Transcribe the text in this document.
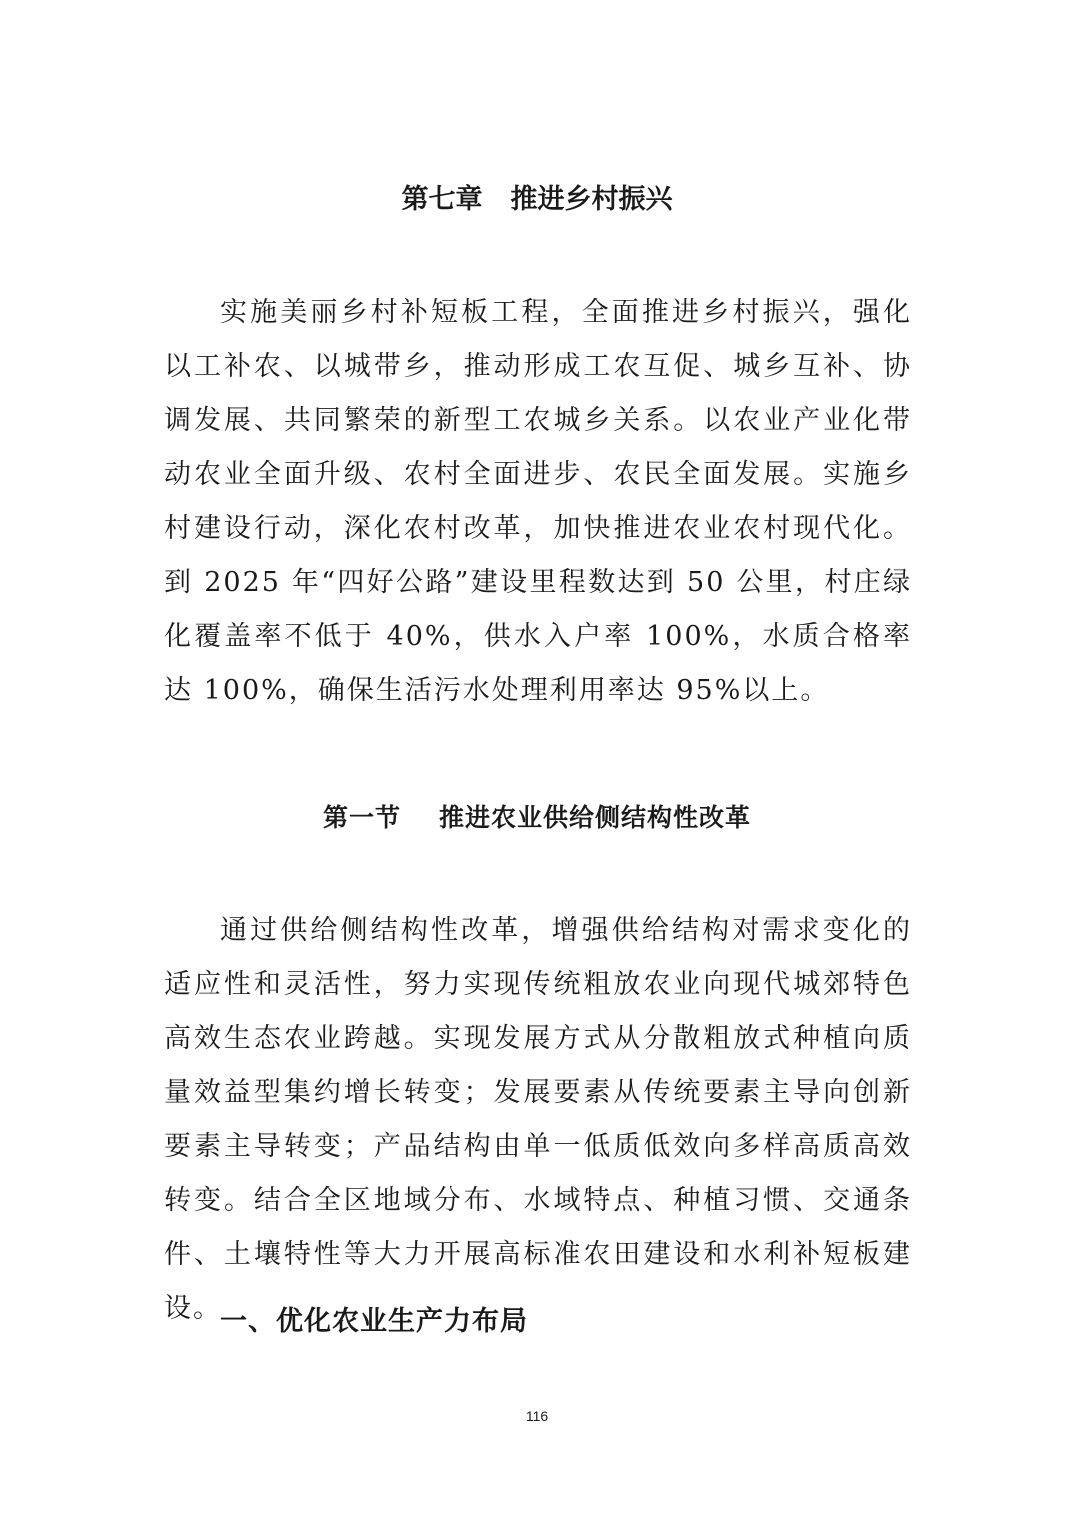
第七章 推进乡村振兴

实施美丽乡村补短板工程，全面推进乡村振兴，强化以工补农、以城带乡，推动形成工农互促、城乡互补、协调发展、共同繁荣的新型工农城乡关系。以农业产业化带动农业全面升级、农村全面进步、农民全面发展。实施乡村建设行动，深化农村改革，加快推进农业农村现代化。到 2025 年“四好公路”建设里程数达到 50 公里，村庄绿化覆盖率不低于 40%，供水入户率 100%，水质合格率达 100%，确保生活污水处理利用率达 95%以上。

第一节 推进农业供给侧结构性改革

通过供给侧结构性改革，增强供给结构对需求变化的适应性和灵活性，努力实现传统粗放农业向现代城郊特色高效生态农业跨越。实现发展方式从分散粗放式种植向质量效益型集约增长转变；发展要素从传统要素主导向创新要素主导转变；产品结构由单一低质低效向多样高质高效转变。结合全区地域分布、水域特点、种植习惯、交通条件、土壤特性等大力开展高标准农田建设和水利补短板建设。

一、优化农业生产力布局
116
